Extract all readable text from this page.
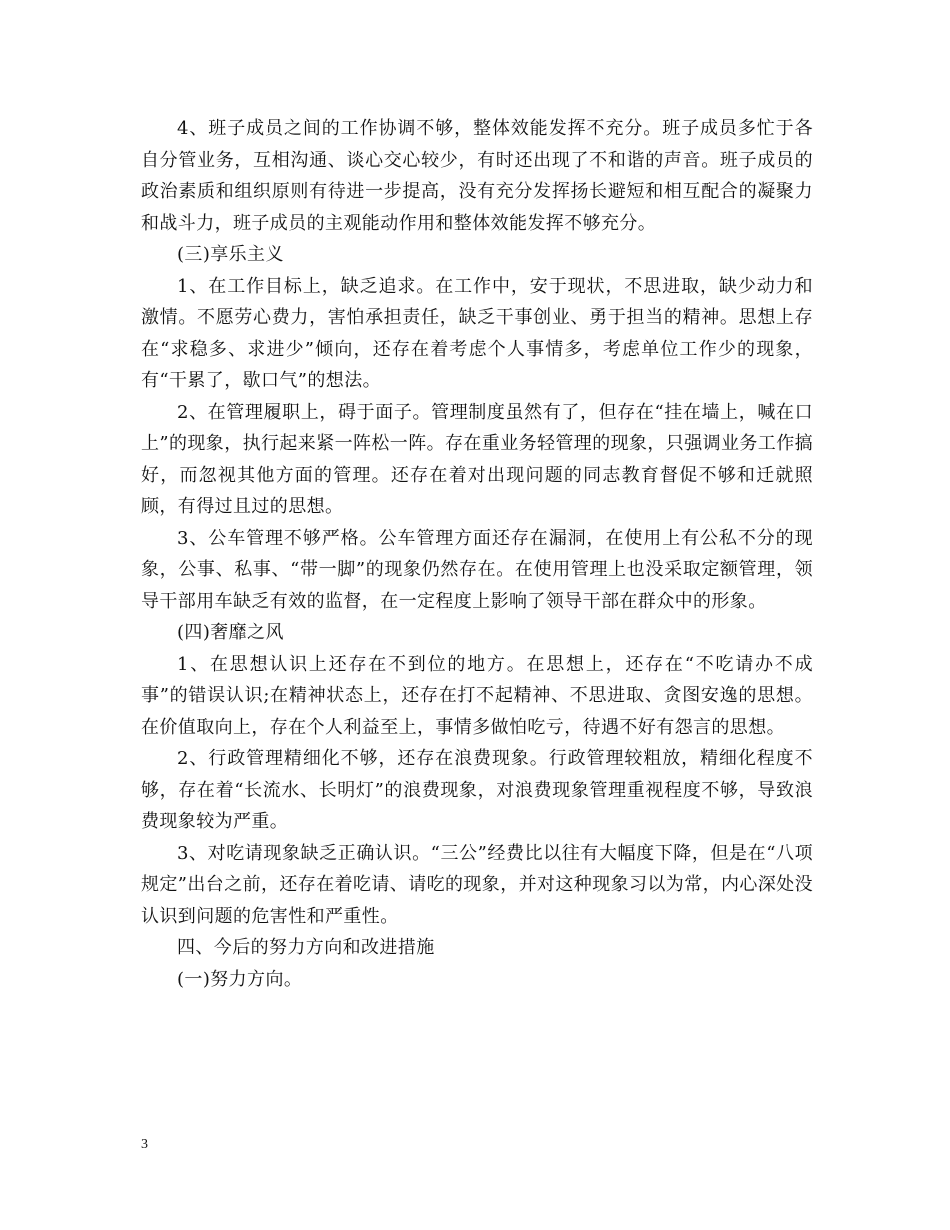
4、班子成员之间的工作协调不够，整体效能发挥不充分。班子成员多忙于各自分管业务，互相沟通、谈心交心较少，有时还出现了不和谐的声音。班子成员的政治素质和组织原则有待进一步提高，没有充分发挥扬长避短和相互配合的凝聚力和战斗力，班子成员的主观能动作用和整体效能发挥不够充分。

(三)享乐主义

1、在工作目标上，缺乏追求。在工作中，安于现状，不思进取，缺少动力和激情。不愿劳心费力，害怕承担责任，缺乏干事创业、勇于担当的精神。思想上存在“求稳多、求进少”倾向，还存在着考虑个人事情多，考虑单位工作少的现象，有“干累了，歇口气”的想法。

2、在管理履职上，碍于面子。管理制度虽然有了，但存在“挂在墙上，喊在口上”的现象，执行起来紧一阵松一阵。存在重业务轻管理的现象，只强调业务工作搞好，而忽视其他方面的管理。还存在着对出现问题的同志教育督促不够和迁就照顾，有得过且过的思想。

3、公车管理不够严格。公车管理方面还存在漏洞，在使用上有公私不分的现象，公事、私事、“带一脚”的现象仍然存在。在使用管理上也没采取定额管理，领导干部用车缺乏有效的监督，在一定程度上影响了领导干部在群众中的形象。

(四)奢靡之风

1、在思想认识上还存在不到位的地方。在思想上，还存在“不吃请办不成事”的错误认识;在精神状态上，还存在打不起精神、不思进取、贪图安逸的思想。在价值取向上，存在个人利益至上，事情多做怕吃亏，待遇不好有怨言的思想。

2、行政管理精细化不够，还存在浪费现象。行政管理较粗放，精细化程度不够，存在着“长流水、长明灯”的浪费现象，对浪费现象管理重视程度不够，导致浪费现象较为严重。

3、对吃请现象缺乏正确认识。“三公”经费比以往有大幅度下降，但是在“八项规定”出台之前，还存在着吃请、请吃的现象，并对这种现象习以为常，内心深处没认识到问题的危害性和严重性。

四、今后的努力方向和改进措施

(一)努力方向。

3
